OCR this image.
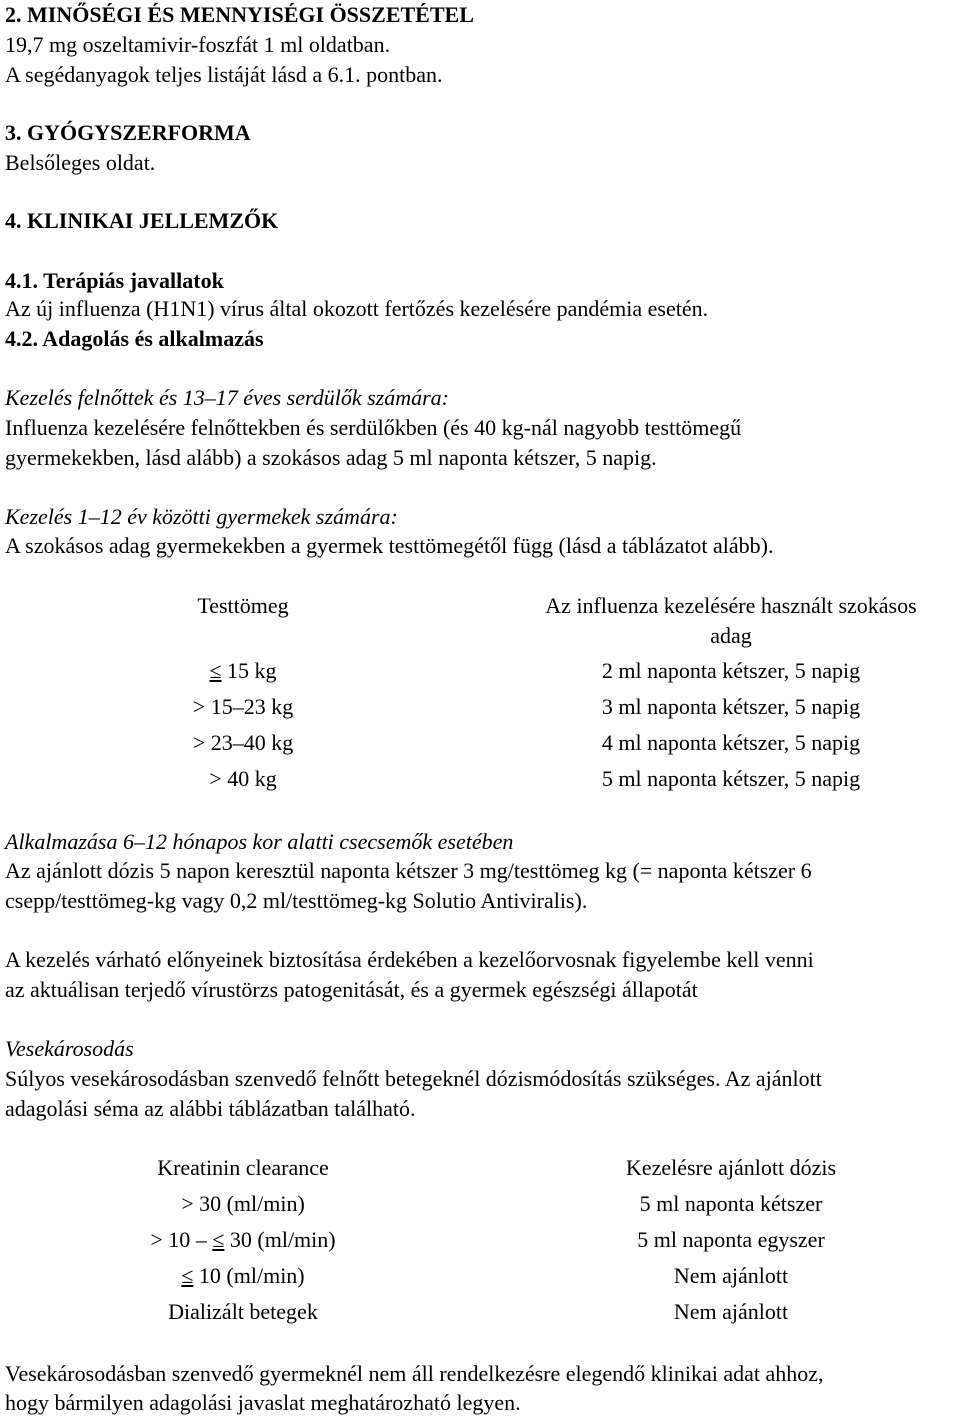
2. MINŐSÉGI ÉS MENNYISÉGI ÖSSZETÉTEL
19,7 mg oszeltamivir-foszfát 1 ml oldatban.
A segédanyagok teljes listáját lásd a 6.1. pontban.
3. GYÓGYSZERFORMA
Belsőleges oldat.
4. KLINIKAI JELLEMZŐK
4.1. Terápiás javallatok
Az új influenza (H1N1) vírus által okozott fertőzés kezelésére pandémia esetén.
4.2. Adagolás és alkalmazás
Kezelés felnőttek és 13–17 éves serdülők számára:
Influenza kezelésére felnőttekben és serdülőkben (és 40 kg-nál nagyobb testtömegű
gyermekekben, lásd alább) a szokásos adag 5 ml naponta kétszer, 5 napig.
Kezelés 1–12 év közötti gyermekek számára:
A szokásos adag gyermekekben a gyermek testtömegétől függ (lásd a táblázatot alább).
Testtömeg	Az influenza kezelésére használt szokásos
adag
≤ 15 kg	2 ml naponta kétszer, 5 napig
> 15–23 kg	3 ml naponta kétszer, 5 napig
> 23–40 kg	4 ml naponta kétszer, 5 napig
> 40 kg	5 ml naponta kétszer, 5 napig
Alkalmazása 6–12 hónapos kor alatti csecsemők esetében
Az ajánlott dózis 5 napon keresztül naponta kétszer 3 mg/testtömeg kg (= naponta kétszer 6
csepp/testtömeg-kg vagy 0,2 ml/testtömeg-kg Solutio Antiviralis).
A kezelés várható előnyeinek biztosítása érdekében a kezelőorvosnak figyelembe kell venni
az aktuálisan terjedő vírustörzs patogenitását, és a gyermek egészségi állapotát
Vesekárosodás
Súlyos vesekárosodásban szenvedő felnőtt betegeknél dózismódosítás szükséges. Az ajánlott
adagolási séma az alábbi táblázatban található.
Kreatinin clearance	Kezelésre ajánlott dózis
> 30 (ml/min)	5 ml naponta kétszer
> 10 – ≤ 30 (ml/min)	5 ml naponta egyszer
≤ 10 (ml/min)	Nem ajánlott
Dializált betegek	Nem ajánlott
Vesekárosodásban szenvedő gyermeknél nem áll rendelkezésre elegendő klinikai adat ahhoz,
hogy bármilyen adagolási javaslat meghatározható legyen.
